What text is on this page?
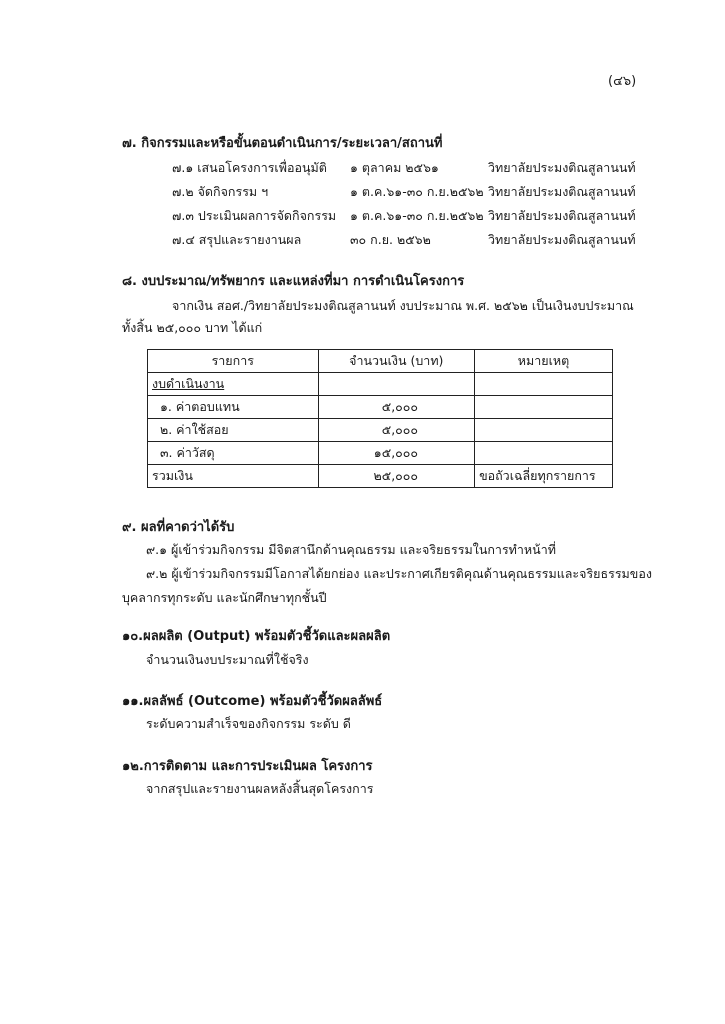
(๔๖)
๗. กิจกรรมและหรือขั้นตอนดำเนินการ/ระยะเวลา/สถานที่
๗.๑ เสนอโครงการเพื่ออนุมัติ ๑ ตุลาคม ๒๕๖๑	วิทยาลัยประมงติณสูลานนท์
๗.๒ จัดกิจกรรม ฯ	๑ ต.ค.๖๑-๓๐ ก.ย.๒๕๖๒ วิทยาลัยประมงติณสูลานนท์
๗.๓ ประเมินผลการจัดกิจกรรม ๑ ต.ค.๖๑-๓๐ ก.ย.๒๕๖๒ วิทยาลัยประมงติณสูลานนท์
๗.๔ สรุปและรายงานผล	๓๐ ก.ย. ๒๕๖๒	วิทยาลัยประมงติณสูลานนท์
๘. งบประมาณ/ทรัพยากร และแหล่งที่มา การดำเนินโครงการ
จากเงิน สอศ./วิทยาลัยประมงติณสูลานนท์ งบประมาณ พ.ศ. ๒๕๖๒ เป็นเงินงบประมาณ
ทั้งสิ้น ๒๕,๐๐๐ บาท ได้แก่
รายการ	จำนวนเงิน (บาท)	หมายเหตุ
งบดำเนินงาน		
๑. ค่าตอบแทน	๕,๐๐๐	
๒. ค่าใช้สอย	๕,๐๐๐	
๓. ค่าวัสดุ	๑๕,๐๐๐	
รวมเงิน	๒๕,๐๐๐	ขอถัวเฉลี่ยทุกรายการ
๙. ผลที่คาดว่าได้รับ
๙.๑ ผู้เข้าร่วมกิจกรรม มีจิตสานึกด้านคุณธรรม และจริยธรรมในการทำหน้าที่
๙.๒ ผู้เข้าร่วมกิจกรรมมีโอกาสได้ยกย่อง และประกาศเกียรติคุณด้านคุณธรรมและจริยธรรมของ
บุคลากรทุกระดับ และนักศึกษาทุกชั้นปี
๑๐.ผลผลิต (Output) พร้อมตัวชี้วัดและผลผลิต
จำนวนเงินงบประมาณที่ใช้จริง
๑๑.ผลลัพธ์ (Outcome) พร้อมตัวชี้วัดผลลัพธ์
ระดับความสำเร็จของกิจกรรม ระดับ ดี
๑๒.การติดตาม และการประเมินผล โครงการ
จากสรุปและรายงานผลหลังสิ้นสุดโครงการ
